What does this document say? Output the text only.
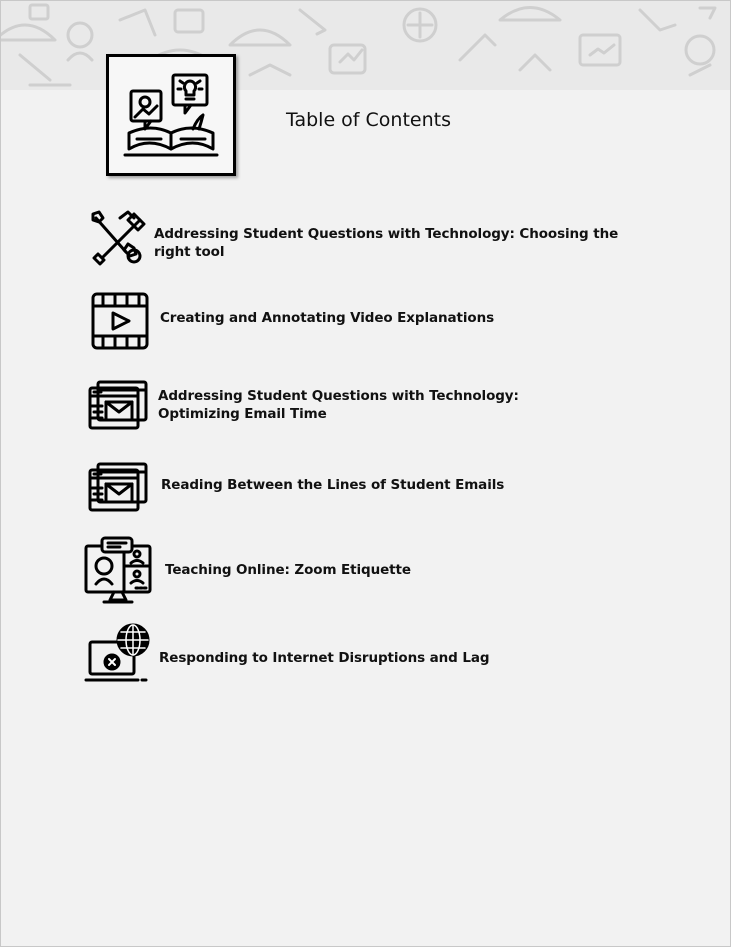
Table of Contents
Addressing Student Questions with Technology: Choosing the right tool
Creating and Annotating Video Explanations
Addressing Student Questions with Technology: Optimizing Email Time
Reading Between the Lines of Student Emails
Teaching Online: Zoom Etiquette
Responding to Internet Disruptions and Lag
